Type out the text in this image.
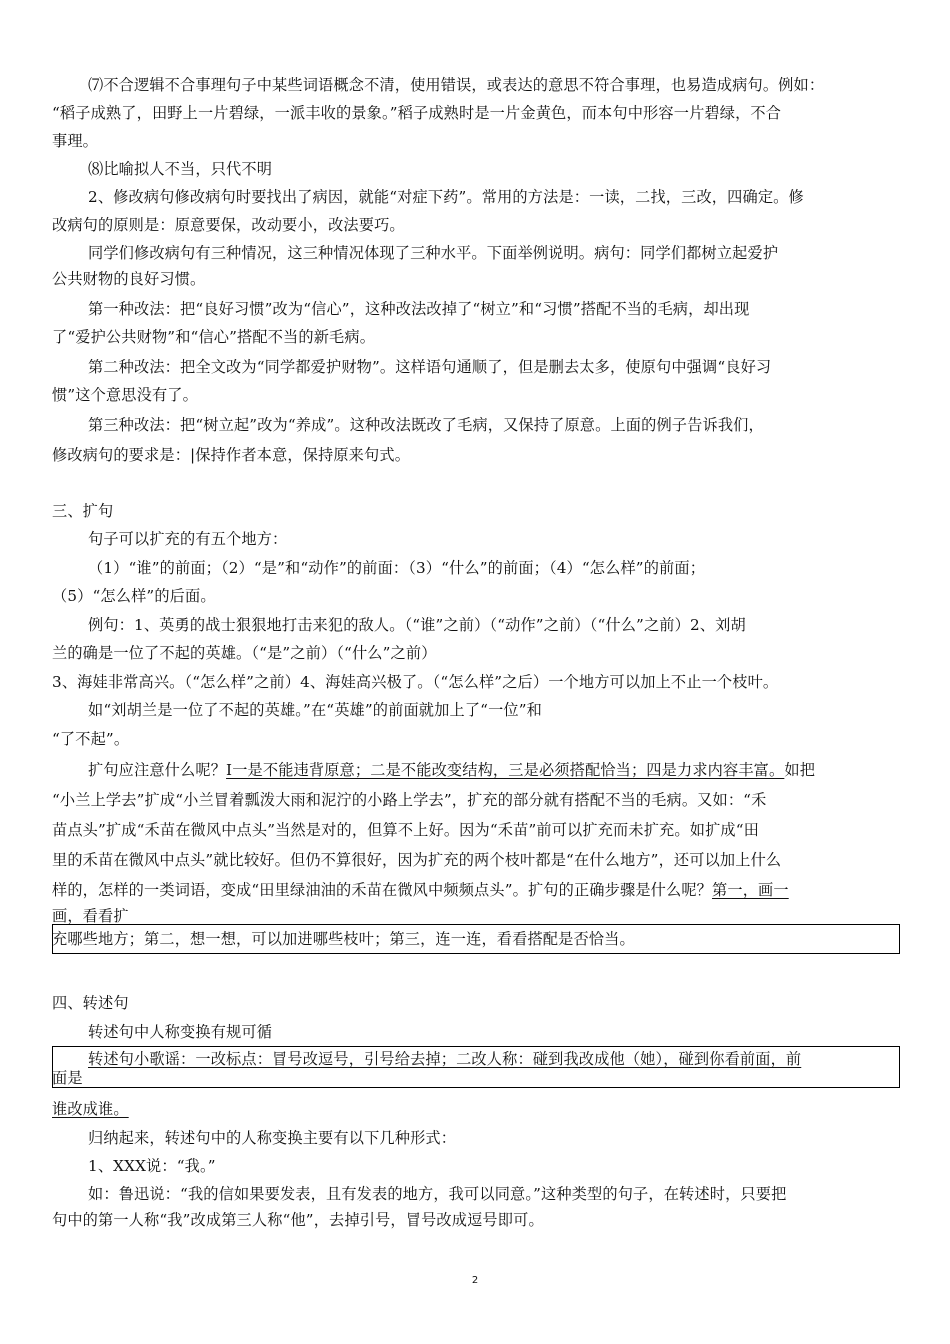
⑺不合逻辑不合事理句子中某些词语概念不清，使用错误，或表达的意思不符合事理，也易造成病句。例如：
“稻子成熟了，田野上一片碧绿，一派丰收的景象。”稻子成熟时是一片金黄色，而本句中形容一片碧绿，不合
事理。
⑻比喻拟人不当，只代不明
2、修改病句修改病句时要找出了病因，就能“对症下药”。常用的方法是：一读，二找，三改，四确定。修
改病句的原则是：原意要保，改动要小，改法要巧。
同学们修改病句有三种情况，这三种情况体现了三种水平。下面举例说明。病句：同学们都树立起爱护
公共财物的良好习惯。
第一种改法：把“良好习惯”改为“信心”，这种改法改掉了“树立”和“习惯”搭配不当的毛病，却出现
了“爱护公共财物”和“信心”搭配不当的新毛病。
第二种改法：把全文改为“同学都爱护财物”。这样语句通顺了，但是删去太多，使原句中强调“良好习
惯”这个意思没有了。
第三种改法：把“树立起”改为“养成”。这种改法既改了毛病，又保持了原意。上面的例子告诉我们，
修改病句的要求是：|保持作者本意，保持原来句式。
三、扩句
句子可以扩充的有五个地方：
（1）“谁”的前面；（2）“是”和“动作”的前面：（3）“什么”的前面；（4）“怎么样”的前面；
（5）“怎么样”的后面。
例句：1、英勇的战士狠狠地打击来犯的敌人。（“谁”之前）（“动作”之前）（“什么”之前）2、刘胡
兰的确是一位了不起的英雄。（“是”之前）（“什么”之前）
3、海娃非常高兴。（“怎么样”之前）4、海娃高兴极了。（“怎么样”之后）一个地方可以加上不止一个枝叶。
如“刘胡兰是一位了不起的英雄。”在“英雄”的前面就加上了“一位”和
“了不起”。
扩句应注意什么呢？I一是不能违背原意；二是不能改变结构，三是必须搭配恰当；四是力求内容丰富。如把
“小兰上学去”扩成“小兰冒着瓢泼大雨和泥泞的小路上学去”，扩充的部分就有搭配不当的毛病。又如：“禾
苗点头”扩成“禾苗在微风中点头”当然是对的，但算不上好。因为“禾苗”前可以扩充而未扩充。如扩成“田
里的禾苗在微风中点头”就比较好。但仍不算很好，因为扩充的两个枝叶都是“在什么地方”，还可以加上什么
样的，怎样的一类词语，变成“田里绿油油的禾苗在微风中频频点头”。扩句的正确步骤是什么呢？第一，画一
画，看看扩
充哪些地方；第二，想一想，可以加进哪些枝叶；第三，连一连，看看搭配是否恰当。
四、转述句
转述句中人称变换有规可循
转述句小歌谣：一改标点：冒号改逗号，引号给去掉；二改人称：碰到我改成他（她），碰到你看前面，前
面是
谁改成谁。
归纳起来，转述句中的人称变换主要有以下几种形式：
1、XXX说：“我。”
如：鲁迅说：“我的信如果要发表，且有发表的地方，我可以同意。”这种类型的句子，在转述时，只要把
句中的第一人称“我”改成第三人称“他”，去掉引号，冒号改成逗号即可。
2
